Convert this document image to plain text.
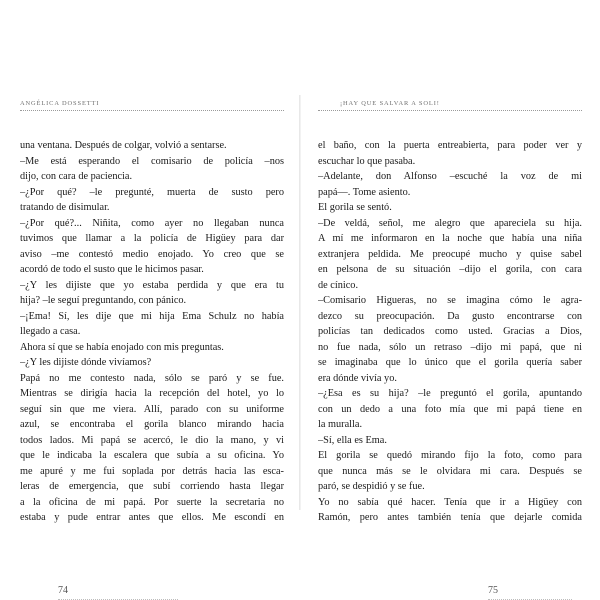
ANGÉLICA DOSSETTI
una ventana. Después de colgar, volvió a sentarse.
–Me está esperando el comisario de policía –nos
dijo, con cara de paciencia.
–¿Por qué? –le pregunté, muerta de susto pero
tratando de disimular.
–¿Por qué?... Niñita, como ayer no llegaban nunca
tuvimos que llamar a la policía de Higüey para dar
aviso –me contestó medio enojado. Yo creo que se
acordó de todo el susto que le hicimos pasar.
–¿Y les dijiste que yo estaba perdida y que era tu
hija? –le seguí preguntando, con pánico.
–¡Ema! Sí, les dije que mi hija Ema Schulz no había
llegado a casa.
Ahora sí que se había enojado con mis preguntas.
–¿Y les dijiste dónde vivíamos?
Papá no me contesto nada, sólo se paró y se fue.
Mientras se dirigía hacia la recepción del hotel, yo lo
seguí sin que me viera. Allí, parado con su uniforme
azul, se encontraba el gorila blanco mirando hacia
todos lados. Mi papá se acercó, le dio la mano, y vi
que le indicaba la escalera que subía a su oficina. Yo
me apuré y me fui soplada por detrás hacia las esca-
leras de emergencia, que subí corriendo hasta llegar
a la oficina de mi papá. Por suerte la secretaria no
estaba y pude entrar antes que ellos. Me escondí en
74
¡HAY QUE SALVAR A SOLI!
el baño, con la puerta entreabierta, para poder ver y
escuchar lo que pasaba.
–Adelante, don Alfonso –escuché la voz de mi
papá—. Tome asiento.
El gorila se sentó.
–De veldá, señol, me alegro que apareciela su hija.
A mí me informaron en la noche que había una niña
extranjera peldida. Me preocupé mucho y quise sabel
en pelsona de su situación –dijo el gorila, con cara
de cínico.
–Comisario Higueras, no se imagina cómo le agra-
dezco su preocupación. Da gusto encontrarse con
policías tan dedicados como usted. Gracias a Dios,
no fue nada, sólo un retraso –dijo mi papá, que ni
se imaginaba que lo único que el gorila quería saber
era dónde vivía yo.
–¿Esa es su hija? –le preguntó el gorila, apuntando
con un dedo a una foto mía que mi papá tiene en
la muralla.
–Sí, ella es Ema.
El gorila se quedó mirando fijo la foto, como para
que nunca más se le olvidara mi cara. Después se
paró, se despidió y se fue.
Yo no sabía qué hacer. Tenía que ir a Higüey con
Ramón, pero antes también tenía que dejarle comida
75
